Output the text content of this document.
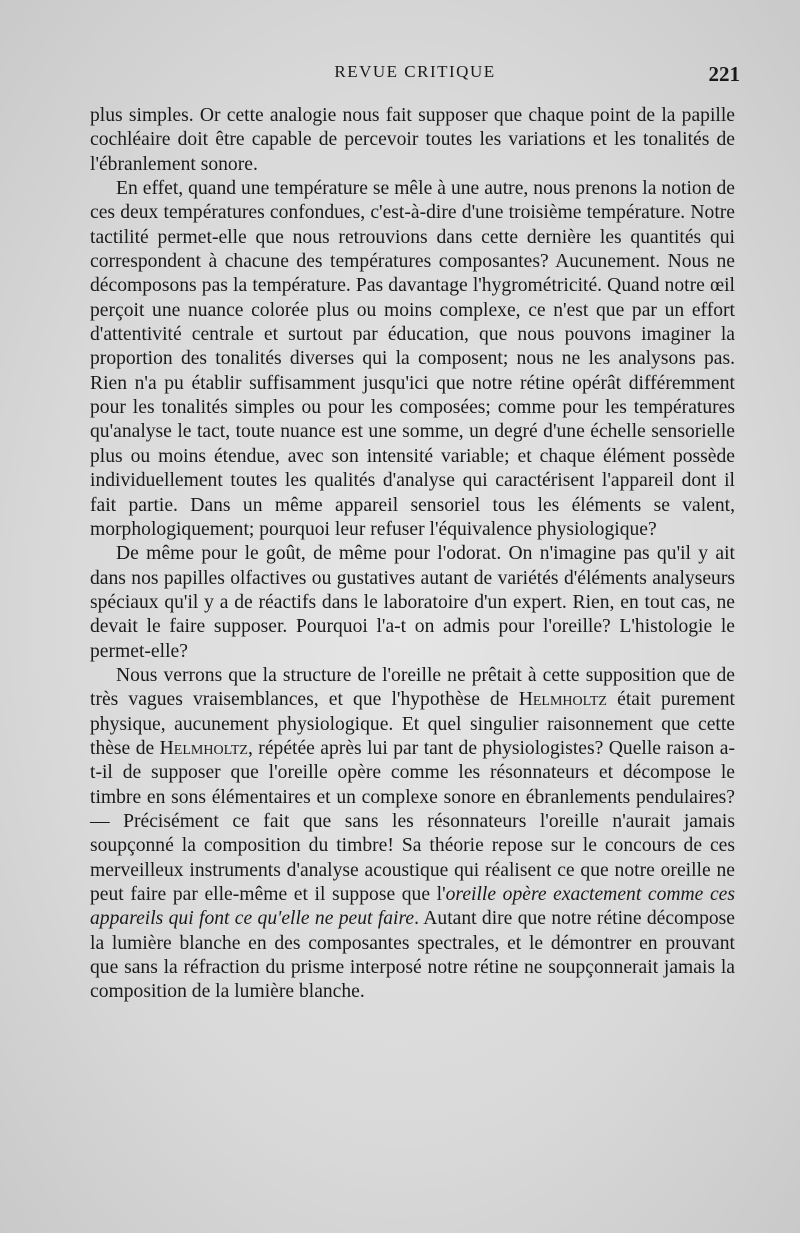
REVUE CRITIQUE	221

plus simples. Or cette analogie nous fait supposer que chaque point de la papille cochléaire doit être capable de percevoir toutes les variations et les tonalités de l'ébranlement sonore.

En effet, quand une température se mêle à une autre, nous prenons la notion de ces deux températures confondues, c'est-à-dire d'une troisième température. Notre tactilité permet-elle que nous retrouvions dans cette dernière les quantités qui correspondent à chacune des températures composantes? Aucunement. Nous ne décomposons pas la température. Pas davantage l'hygrométricité. Quand notre œil perçoit une nuance colorée plus ou moins complexe, ce n'est que par un effort d'attentivité centrale et surtout par éducation, que nous pouvons imaginer la proportion des tonalités diverses qui la composent; nous ne les analysons pas. Rien n'a pu établir suffisamment jusqu'ici que notre rétine opérât différemment pour les tonalités simples ou pour les composées; comme pour les températures qu'analyse le tact, toute nuance est une somme, un degré d'une échelle sensorielle plus ou moins étendue, avec son intensité variable; et chaque élément possède individuellement toutes les qualités d'analyse qui caractérisent l'appareil dont il fait partie. Dans un même appareil sensoriel tous les éléments se valent, morphologiquement; pourquoi leur refuser l'équivalence physiologique?

De même pour le goût, de même pour l'odorat. On n'imagine pas qu'il y ait dans nos papilles olfactives ou gustatives autant de variétés d'éléments analyseurs spéciaux qu'il y a de réactifs dans le laboratoire d'un expert. Rien, en tout cas, ne devait le faire supposer. Pourquoi l'a-t on admis pour l'oreille? L'histologie le permet-elle?

Nous verrons que la structure de l'oreille ne prêtait à cette supposition que de très vagues vraisemblances, et que l'hypothèse de Helmholtz était purement physique, aucunement physiologique. Et quel singulier raisonnement que cette thèse de Helmholtz, répétée après lui par tant de physiologistes? Quelle raison a-t-il de supposer que l'oreille opère comme les résonnateurs et décompose le timbre en sons élémentaires et un complexe sonore en ébranlements pendulaires? — Précisément ce fait que sans les résonnateurs l'oreille n'aurait jamais soupçonné la composition du timbre! Sa théorie repose sur le concours de ces merveilleux instruments d'analyse acoustique qui réalisent ce que notre oreille ne peut faire par elle-même et il suppose que l'oreille opère exactement comme ces appareils qui font ce qu'elle ne peut faire. Autant dire que notre rétine décompose la lumière blanche en des composantes spectrales, et le démontrer en prouvant que sans la réfraction du prisme interposé notre rétine ne soupçonnerait jamais la composition de la lumière blanche.
